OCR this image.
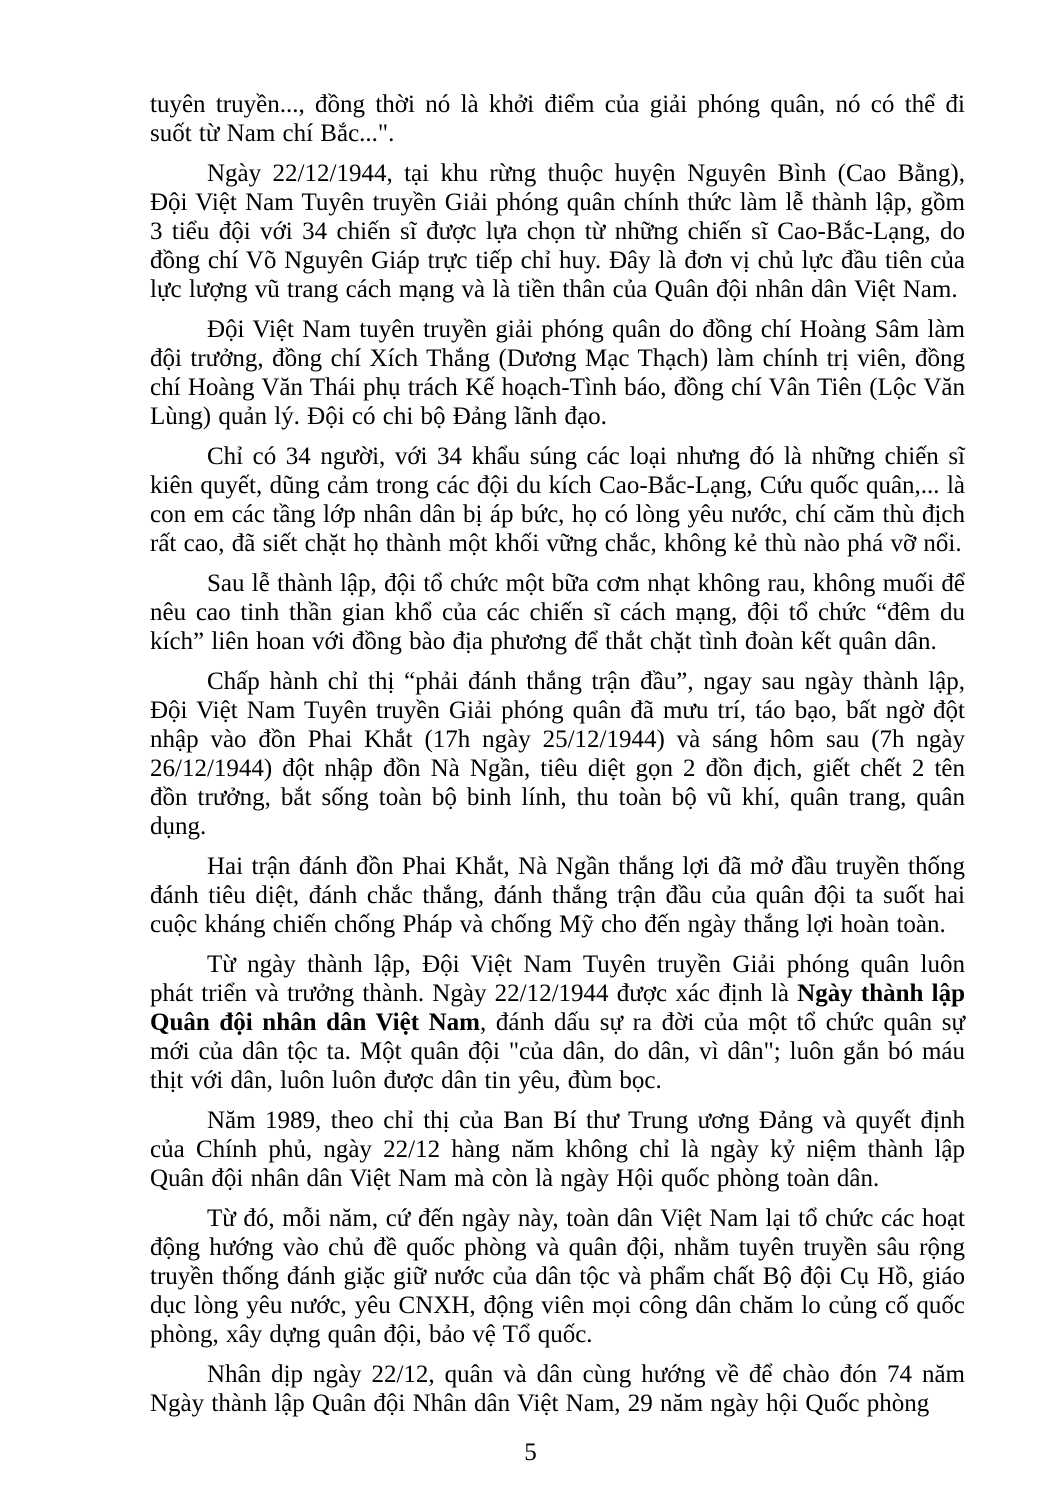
tuyên truyền..., đồng thời nó là khởi điểm của giải phóng quân, nó có thể đi suốt từ Nam chí Bắc...".

Ngày 22/12/1944, tại khu rừng thuộc huyện Nguyên Bình (Cao Bằng), Đội Việt Nam Tuyên truyền Giải phóng quân chính thức làm lễ thành lập, gồm 3 tiểu đội với 34 chiến sĩ được lựa chọn từ những chiến sĩ Cao-Bắc-Lạng, do đồng chí Võ Nguyên Giáp trực tiếp chỉ huy. Đây là đơn vị chủ lực đầu tiên của lực lượng vũ trang cách mạng và là tiền thân của Quân đội nhân dân Việt Nam.

Đội Việt Nam tuyên truyền giải phóng quân do đồng chí Hoàng Sâm làm đội trưởng, đồng chí Xích Thắng (Dương Mạc Thạch) làm chính trị viên, đồng chí Hoàng Văn Thái phụ trách Kế hoạch-Tình báo, đồng chí Vân Tiên (Lộc Văn Lùng) quản lý. Đội có chi bộ Đảng lãnh đạo.

Chỉ có 34 người, với 34 khẩu súng các loại nhưng đó là những chiến sĩ kiên quyết, dũng cảm trong các đội du kích Cao-Bắc-Lạng, Cứu quốc quân,... là con em các tầng lớp nhân dân bị áp bức, họ có lòng yêu nước, chí căm thù địch rất cao, đã siết chặt họ thành một khối vững chắc, không kẻ thù nào phá vỡ nổi.

Sau lễ thành lập, đội tổ chức một bữa cơm nhạt không rau, không muối để nêu cao tinh thần gian khổ của các chiến sĩ cách mạng, đội tổ chức “đêm du kích” liên hoan với đồng bào địa phương để thắt chặt tình đoàn kết quân dân.

Chấp hành chỉ thị “phải đánh thắng trận đầu”, ngay sau ngày thành lập, Đội Việt Nam Tuyên truyền Giải phóng quân đã mưu trí, táo bạo, bất ngờ đột nhập vào đồn Phai Khắt (17h ngày 25/12/1944) và sáng hôm sau (7h ngày 26/12/1944) đột nhập đồn Nà Ngần, tiêu diệt gọn 2 đồn địch, giết chết 2 tên đồn trưởng, bắt sống toàn bộ binh lính, thu toàn bộ vũ khí, quân trang, quân dụng.

Hai trận đánh đồn Phai Khắt, Nà Ngần thắng lợi đã mở đầu truyền thống đánh tiêu diệt, đánh chắc thắng, đánh thắng trận đầu của quân đội ta suốt hai cuộc kháng chiến chống Pháp và chống Mỹ cho đến ngày thắng lợi hoàn toàn.

Từ ngày thành lập, Đội Việt Nam Tuyên truyền Giải phóng quân luôn phát triển và trưởng thành. Ngày 22/12/1944 được xác định là Ngày thành lập Quân đội nhân dân Việt Nam, đánh dấu sự ra đời của một tổ chức quân sự mới của dân tộc ta. Một quân đội "của dân, do dân, vì dân"; luôn gắn bó máu thịt với dân, luôn luôn được dân tin yêu, đùm bọc.

Năm 1989, theo chỉ thị của Ban Bí thư Trung ương Đảng và quyết định của Chính phủ, ngày 22/12 hàng năm không chỉ là ngày kỷ niệm thành lập Quân đội nhân dân Việt Nam mà còn là ngày Hội quốc phòng toàn dân.

Từ đó, mỗi năm, cứ đến ngày này, toàn dân Việt Nam lại tổ chức các hoạt động hướng vào chủ đề quốc phòng và quân đội, nhằm tuyên truyền sâu rộng truyền thống đánh giặc giữ nước của dân tộc và phẩm chất Bộ đội Cụ Hồ, giáo dục lòng yêu nước, yêu CNXH, động viên mọi công dân chăm lo củng cố quốc phòng, xây dựng quân đội, bảo vệ Tổ quốc.

Nhân dịp ngày 22/12, quân và dân cùng hướng về để chào đón 74 năm Ngày thành lập Quân đội Nhân dân Việt Nam, 29 năm ngày hội Quốc phòng

5
